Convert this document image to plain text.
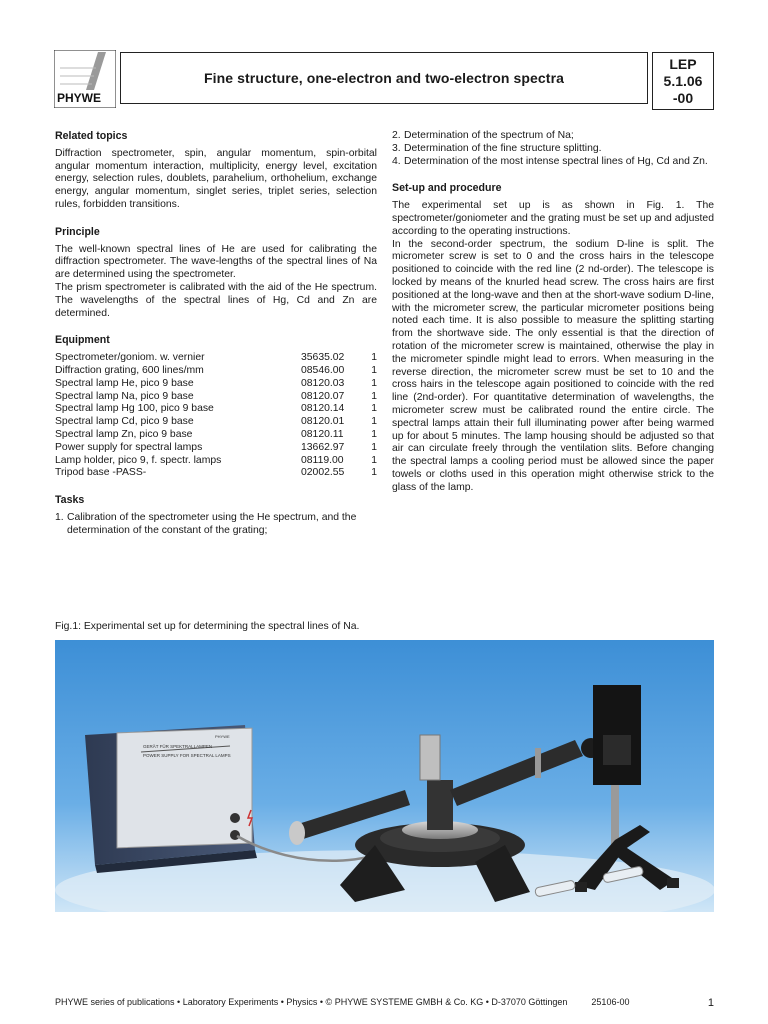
PHYWE
Fine structure, one-electron and two-electron spectra
LEP
5.1.06
-00
Related topics

Diffraction spectrometer, spin, angular momentum, spin-orbital angular momentum interaction, multiplicity, energy level, excitation energy, selection rules, doublets, parahelium, orthohelium, exchange energy, angular momentum, singlet series, triplet series, selection rules, forbidden transitions.

Principle

The well-known spectral lines of He are used for calibrating the diffraction spectrometer. The wave-lengths of the spectral lines of Na are determined using the spectrometer.

The prism spectrometer is calibrated with the aid of the He spectrum. The wavelengths of the spectral lines of Hg, Cd and Zn are determined.

Equipment
Spectrometer/goniom. w. vernier	35635.02	1
Diffraction grating, 600 lines/mm	08546.00	1
Spectral lamp He, pico 9 base	08120.03	1
Spectral lamp Na, pico 9 base	08120.07	1
Spectral lamp Hg 100, pico 9 base	08120.14	1
Spectral lamp Cd, pico 9 base	08120.01	1
Spectral lamp Zn, pico 9 base	08120.11	1
Power supply for spectral lamps	13662.97	1
Lamp holder, pico 9, f. spectr. lamps	08119.00	1
Tripod base -PASS-	02002.55	1
Tasks
1. Calibration of the spectrometer using the He spectrum, and the determination of the constant of the grating;
2. Determination of the spectrum of Na;
3. Determination of the fine structure splitting.
4. Determination of the most intense spectral lines of Hg, Cd and Zn.
Set-up and procedure

The experimental set up is as shown in Fig. 1. The spectrometer/goniometer and the grating must be set up and adjusted according to the operating instructions.

In the second-order spectrum, the sodium D-line is split. The micrometer screw is set to 0 and the cross hairs in the telescope positioned to coincide with the red line (2 nd-order). The telescope is locked by means of the knurled head screw. The cross hairs are first positioned at the long-wave and then at the short-wave sodium D-line, with the micrometer screw, the particular micrometer positions being noted each time. It is also possible to measure the splitting starting from the shortwave side. The only essential is that the direction of rotation of the micrometer screw is maintained, otherwise the play in the micrometer spindle might lead to errors. When measuring in the reverse direction, the micrometer screw must be set to 10 and the cross hairs in the telescope again positioned to coincide with the red line (2nd-order). For quantitative determination of wavelengths, the micrometer screw must be calibrated round the entire circle. The spectral lamps attain their full illuminating power after being warmed up for about 5 minutes. The lamp housing should be adjusted so that air can circulate freely through the ventilation slits. Before changing the spectral lamps a cooling period must be allowed since the paper towels or cloths used in this operation might otherwise strick to the glass of the lamp.

Fig.1: Experimental set up for determining the spectral lines of Na.
GERÄT FÜR SPEKTRALLAMPEN
POWER SUPPLY FOR SPECTRAL LAMPS
PHYWE
PHYWE series of publications • Laboratory Experiments • Physics • © PHYWE SYSTEME GMBH & Co. KG • D-37070 Göttingen	25106-00	1
